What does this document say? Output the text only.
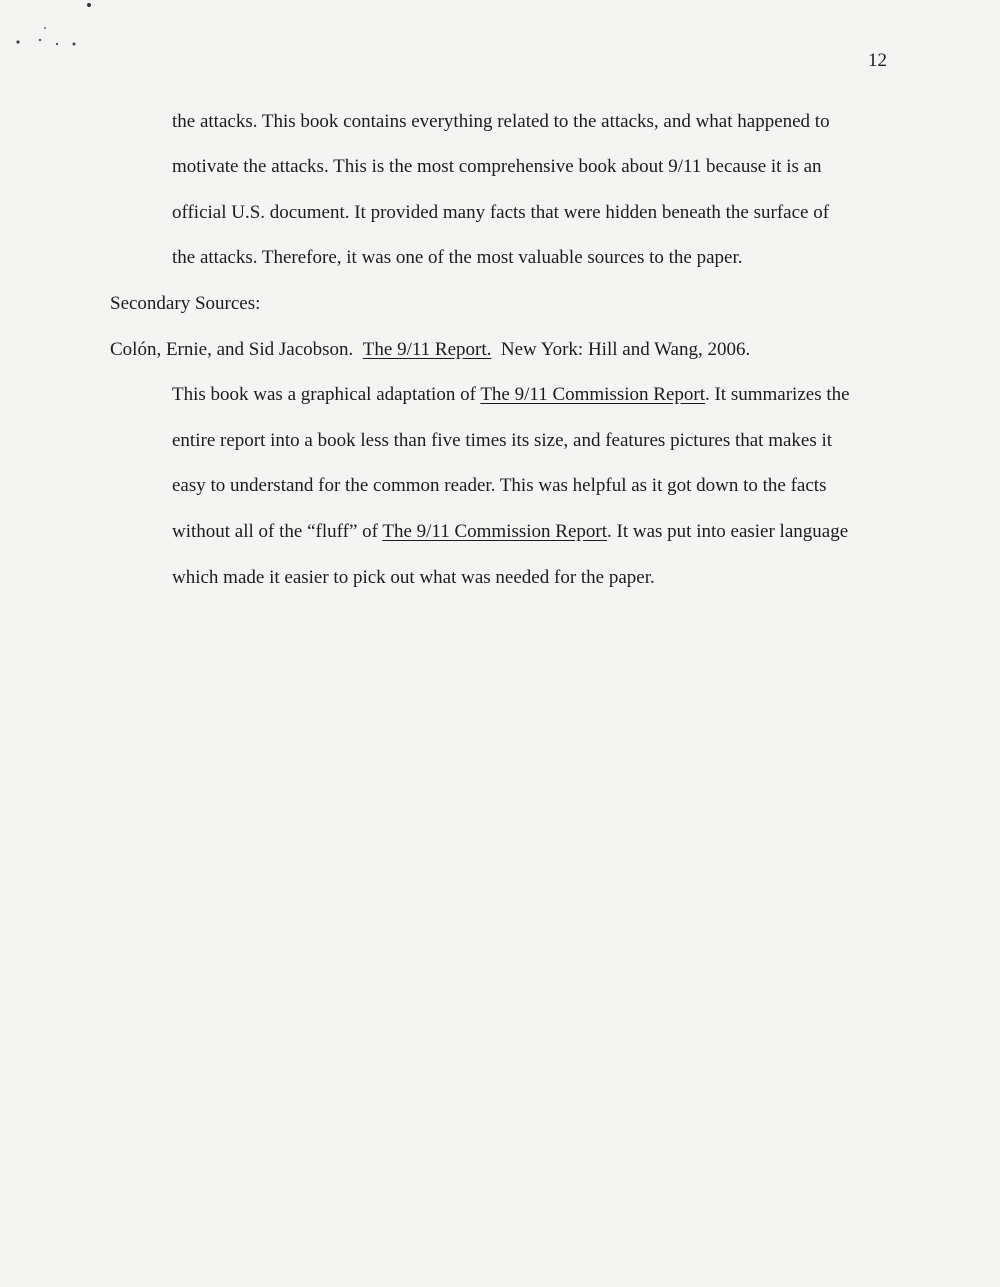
12
the attacks. This book contains everything related to the attacks, and what happened to
motivate the attacks. This is the most comprehensive book about 9/11 because it is an
official U.S. document. It provided many facts that were hidden beneath the surface of
the attacks. Therefore, it was one of the most valuable sources to the paper.
Secondary Sources:
Colón, Ernie, and Sid Jacobson. The 9/11 Report. New York: Hill and Wang, 2006.
This book was a graphical adaptation of The 9/11 Commission Report. It summarizes the
entire report into a book less than five times its size, and features pictures that makes it
easy to understand for the common reader. This was helpful as it got down to the facts
without all of the “fluff” of The 9/11 Commission Report. It was put into easier language
which made it easier to pick out what was needed for the paper.
